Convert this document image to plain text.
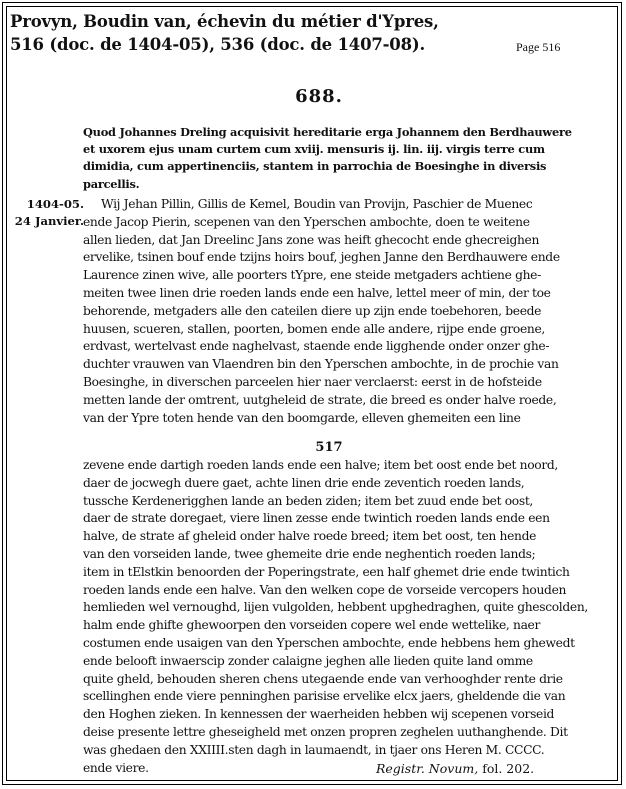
Provyn, Boudin van, échevin du métier d'Ypres,
516 (doc. de 1404-05), 536 (doc. de 1407-08).	Page 516
688.
Quod Johannes Dreling acquisivit hereditarie erga Johannem den Berdhauwere
et uxorem ejus unam curtem cum xviij. mensuris ij. lin. iij. virgis terre cum
dimidia, cum appertinenciis, stantem in parrochia de Boesinghe in diversis
parcellis.
1404-05.
24 Janvier.
Wij Jehan Pillin, Gillis de Kemel, Boudin van Provijn, Paschier de Muenec
ende Jacop Pierin, scepenen van den Yperschen ambochte, doen te weitene
allen lieden, dat Jan Dreelinc Jans zone was heift ghecocht ende ghecreighen
ervelike, tsinen bouf ende tzijns hoirs bouf, jeghen Janne den Berdhauwere ende
Laurence zinen wive, alle poorters tYpre, ene steide metgaders achtiene ghe-
meiten twee linen drie roeden lands ende een halve, lettel meer of min, der toe
behorende, metgaders alle den cateilen diere up zijn ende toebehoren, beede
huusen, scueren, stallen, poorten, bomen ende alle andere, rijpe ende groene,
erdvast, wertelvast ende naghelvast, staende ende ligghende onder onzer ghe-
duchter vrauwen van Vlaendren bin den Yperschen ambochte, in de prochie van
Boesinghe, in diverschen parceelen hier naer verclaerst: eerst in de hofsteide
metten lande der omtrent, uutgheleid de strate, die breed es onder halve roede,
van der Ypre toten hende van den boomgarde, elleven ghemeiten een line
517
zevene ende dartigh roeden lands ende een halve; item bet oost ende bet noord,
daer de jocwegh duere gaet, achte linen drie ende zeventich roeden lands,
tussche Kerdenerigghen lande an beden ziden; item bet zuud ende bet oost,
daer de strate doregaet, viere linen zesse ende twintich roeden lands ende een
halve, de strate af gheleid onder halve roede breed; item bet oost, ten hende
van den vorseiden lande, twee ghemeite drie ende neghentich roeden lands;
item in tElstkin benoorden der Poperingstrate, een half ghemet drie ende twintich
roeden lands ende een halve. Van den welken cope de vorseide vercopers houden
hemlieden wel vernoughd, lijen vulgolden, hebbent upghedraghen, quite ghescolden,
halm ende ghifte ghewoorpen den vorseiden copere wel ende wettelike, naer
costumen ende usaigen van den Yperschen ambochte, ende hebbens hem ghewedt
ende belooft inwaerscip zonder calaigne jeghen alle lieden quite land omme
quite gheld, behouden sheren chens utegaende ende van verhooghder rente drie
scellinghen ende viere penninghen parisise ervelike elcx jaers, gheldende die van
den Hoghen zieken. In kennessen der waerheiden hebben wij scepenen vorseid
deise presente lettre gheseigheld met onzen propren zeghelen uuthanghende. Dit
was ghedaen den XXIIII.sten dagh in laumaendt, in tjaer ons Heren M. CCCC.
ende viere.	Registr. Novum, fol. 202.
